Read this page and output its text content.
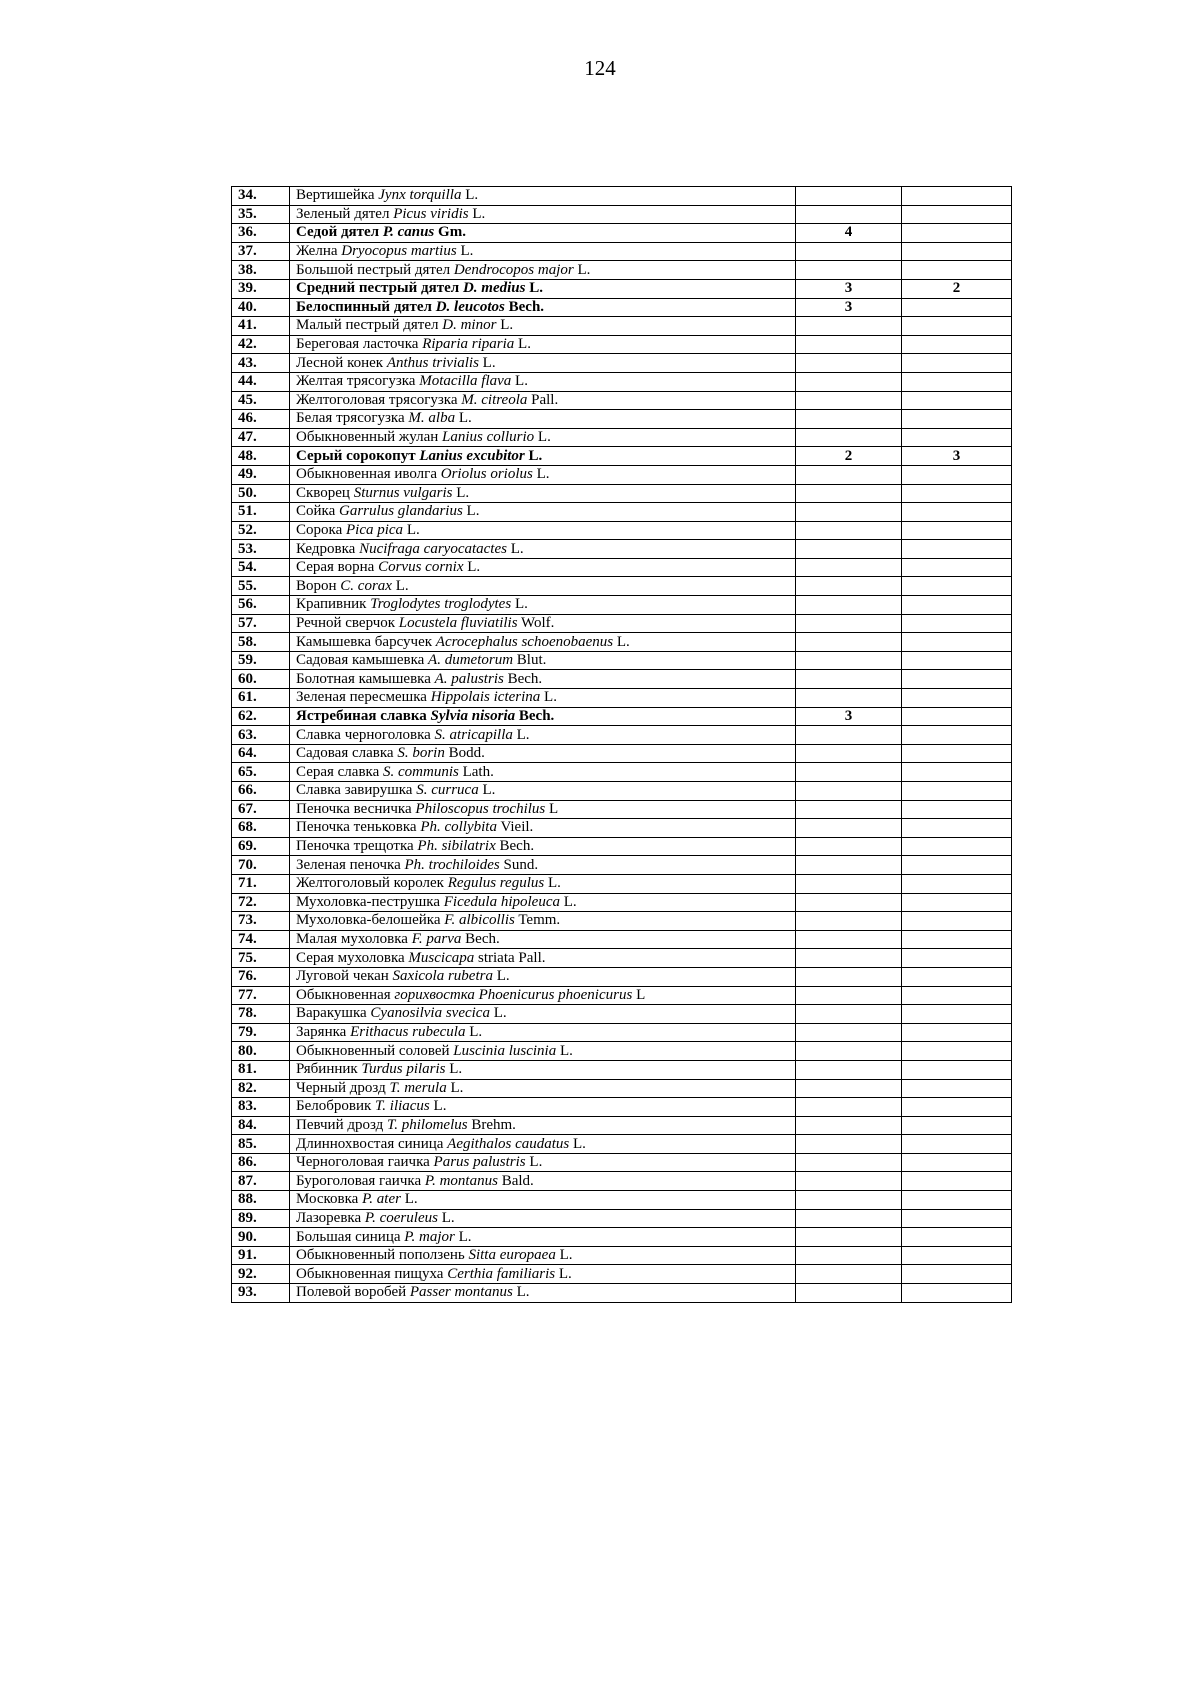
124
34.	Вертишейка Jynx torquilla L.		
35.	Зеленый дятел Picus viridis L.		
36.	Седой дятел P. canus Gm.	4	
37.	Желна Dryocopus martius L.		
38.	Большой пестрый дятел Dendrocopos major L.		
39.	Средний пестрый дятел D. medius L.	3	2
40.	Белоспинный дятел D. leucotos Bech.	3	
41.	Малый пестрый дятел D. minor L.		
42.	Береговая ласточка Riparia riparia L.		
43.	Лесной конек Anthus trivialis L.		
44.	Желтая трясогузка Motacilla flava L.		
45.	Желтоголовая трясогузка M. citreola Pall.		
46.	Белая трясогузка M. alba L.		
47.	Обыкновенный жулан Lanius collurio L.		
48.	Серый сорокопут Lanius excubitor L.	2	3
49.	Обыкновенная иволга Oriolus oriolus L.		
50.	Скворец Sturnus vulgaris L.		
51.	Сойка Garrulus glandarius L.		
52.	Сорока Pica pica L.		
53.	Кедровка Nucifraga caryocatactes L.		
54.	Серая ворна Corvus cornix L.		
55.	Ворон C. corax L.		
56.	Крапивник Troglodytes troglodytes L.		
57.	Речной сверчок Locustela fluviatilis Wolf.		
58.	Камышевка барсучек Acrocephalus schoenobaenus L.		
59.	Садовая камышевка A. dumetorum Blut.		
60.	Болотная камышевка A. palustris Bech.		
61.	Зеленая пересмешка Hippolais icterina L.		
62.	Ястребиная славка Sylvia nisoria Bech.	3	
63.	Славка черноголовка S. atricapilla L.		
64.	Садовая славка S. borin Bodd.		
65.	Серая славка S. communis Lath.		
66.	Славка завирушка S. curruca L.		
67.	Пеночка весничка Philoscopus trochilus L		
68.	Пеночка теньковка Ph. collybita Vieil.		
69.	Пеночка трещотка Ph. sibilatrix Bech.		
70.	Зеленая пеночка Ph. trochiloides Sund.		
71.	Желтоголовый королек Regulus regulus L.		
72.	Мухоловка-пеструшка Ficedula hipoleuca L.		
73.	Мухоловка-белошейка F. albicollis Temm.		
74.	Малая мухоловка F. parva Bech.		
75.	Серая мухоловка Muscicapa striata Pall.		
76.	Луговой чекан Saxicola rubetra L.		
77.	Обыкновенная горихвостка Phoenicurus phoenicurus L		
78.	Варакушка Cyanosilvia svecica L.		
79.	Зарянка Erithacus rubecula L.		
80.	Обыкновенный соловей Luscinia luscinia L.		
81.	Рябинник Turdus pilaris L.		
82.	Черный дрозд T. merula L.		
83.	Белобровик T. iliacus L.		
84.	Певчий дрозд T. philomelus Brehm.		
85.	Длиннохвостая синица Aegithalos caudatus L.		
86.	Черноголовая гаичка Parus palustris L.		
87.	Буроголовая гаичка P. montanus Bald.		
88.	Московка P. ater L.		
89.	Лазоревка P. coeruleus L.		
90.	Большая синица P. major L.		
91.	Обыкновенный поползень Sitta europaea L.		
92.	Обыкновенная пищуха Certhia familiaris L.		
93.	Полевой воробей Passer montanus L.		
